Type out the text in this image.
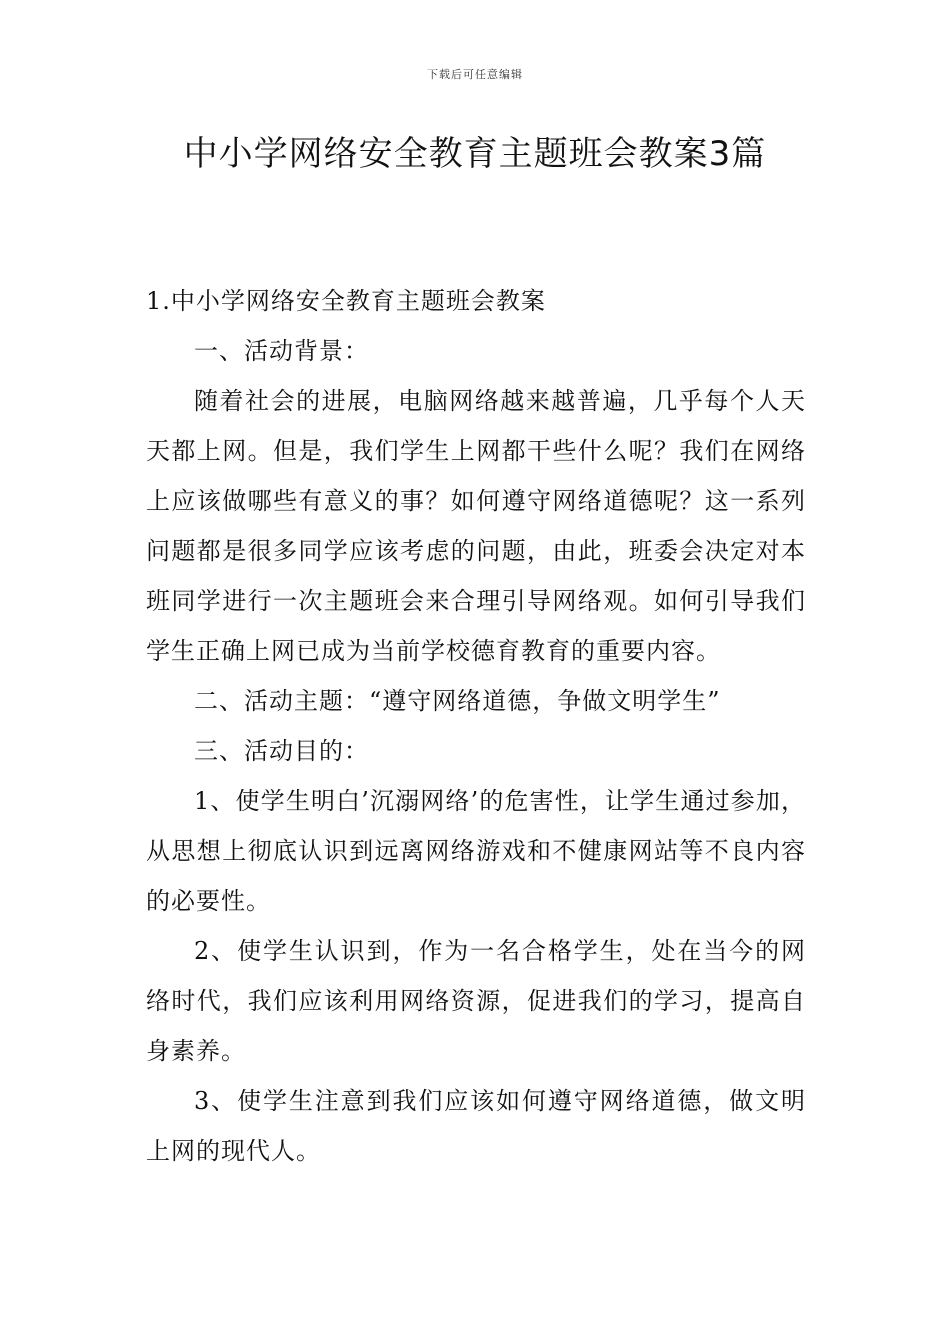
下载后可任意编辑
中小学网络安全教育主题班会教案3篇

1.中小学网络安全教育主题班会教案

一、活动背景：

随着社会的进展，电脑网络越来越普遍，几乎每个人天天都上网。但是，我们学生上网都干些什么呢？我们在网络上应该做哪些有意义的事？如何遵守网络道德呢？这一系列问题都是很多同学应该考虑的问题，由此，班委会决定对本班同学进行一次主题班会来合理引导网络观。如何引导我们学生正确上网已成为当前学校德育教育的重要内容。

二、活动主题：“遵守网络道德，争做文明学生”

三、活动目的：

1、使学生明白’沉溺网络’的危害性，让学生通过参加，从思想上彻底认识到远离网络游戏和不健康网站等不良内容的必要性。

2、使学生认识到，作为一名合格学生，处在当今的网络时代，我们应该利用网络资源，促进我们的学习，提高自身素养。

3、使学生注意到我们应该如何遵守网络道德，做文明上网的现代人。
